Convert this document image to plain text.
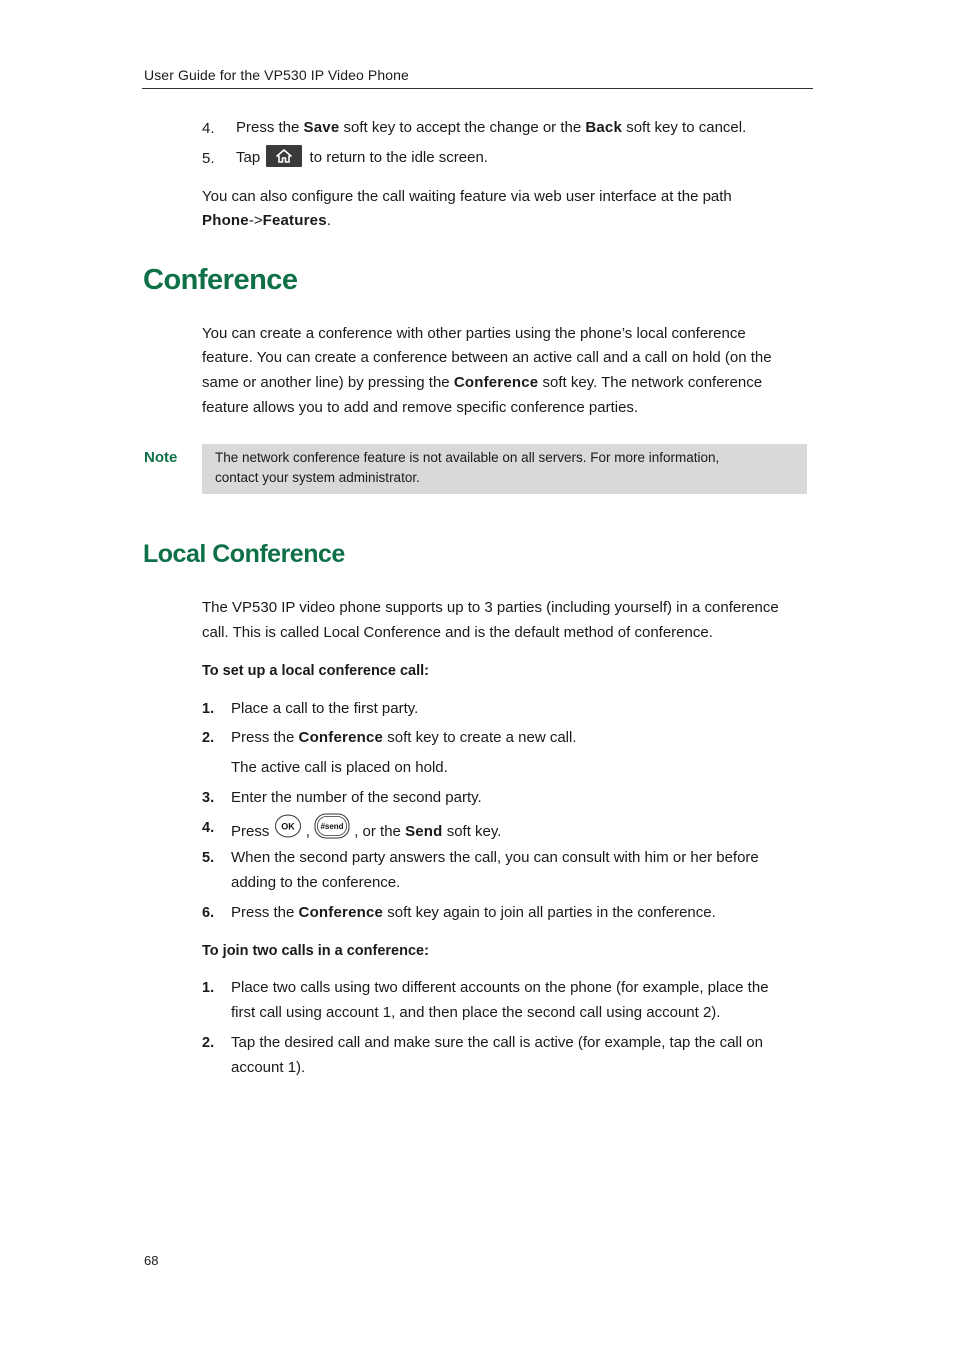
User Guide for the VP530 IP Video Phone
4. Press the Save soft key to accept the change or the Back soft key to cancel.
5. Tap	to return to the idle screen.
You can also configure the call waiting feature via web user interface at the path
Phone->Features.
Conference
You can create a conference with other parties using the phone’s local conference
feature. You can create a conference between an active call and a call on hold (on the
same or another line) by pressing the Conference soft key. The network conference
feature allows you to add and remove specific conference parties.
Note	The network conference feature is not available on all servers. For more information,
contact your system administrator.
Local Conference
The VP530 IP video phone supports up to 3 parties (including yourself) in a conference
call. This is called Local Conference and is the default method of conference.
To set up a local conference call:
1. Place a call to the first party.
2. Press the Conference soft key to create a new call.
The active call is placed on hold.
3. Enter the number of the second party.
4. Press OK , #send , or the Send soft key.
5. When the second party answers the call, you can consult with him or her before
adding to the conference.
6. Press the Conference soft key again to join all parties in the conference.
To join two calls in a conference:
1. Place two calls using two different accounts on the phone (for example, place the
first call using account 1, and then place the second call using account 2).
2. Tap the desired call and make sure the call is active (for example, tap the call on
account 1).
68
